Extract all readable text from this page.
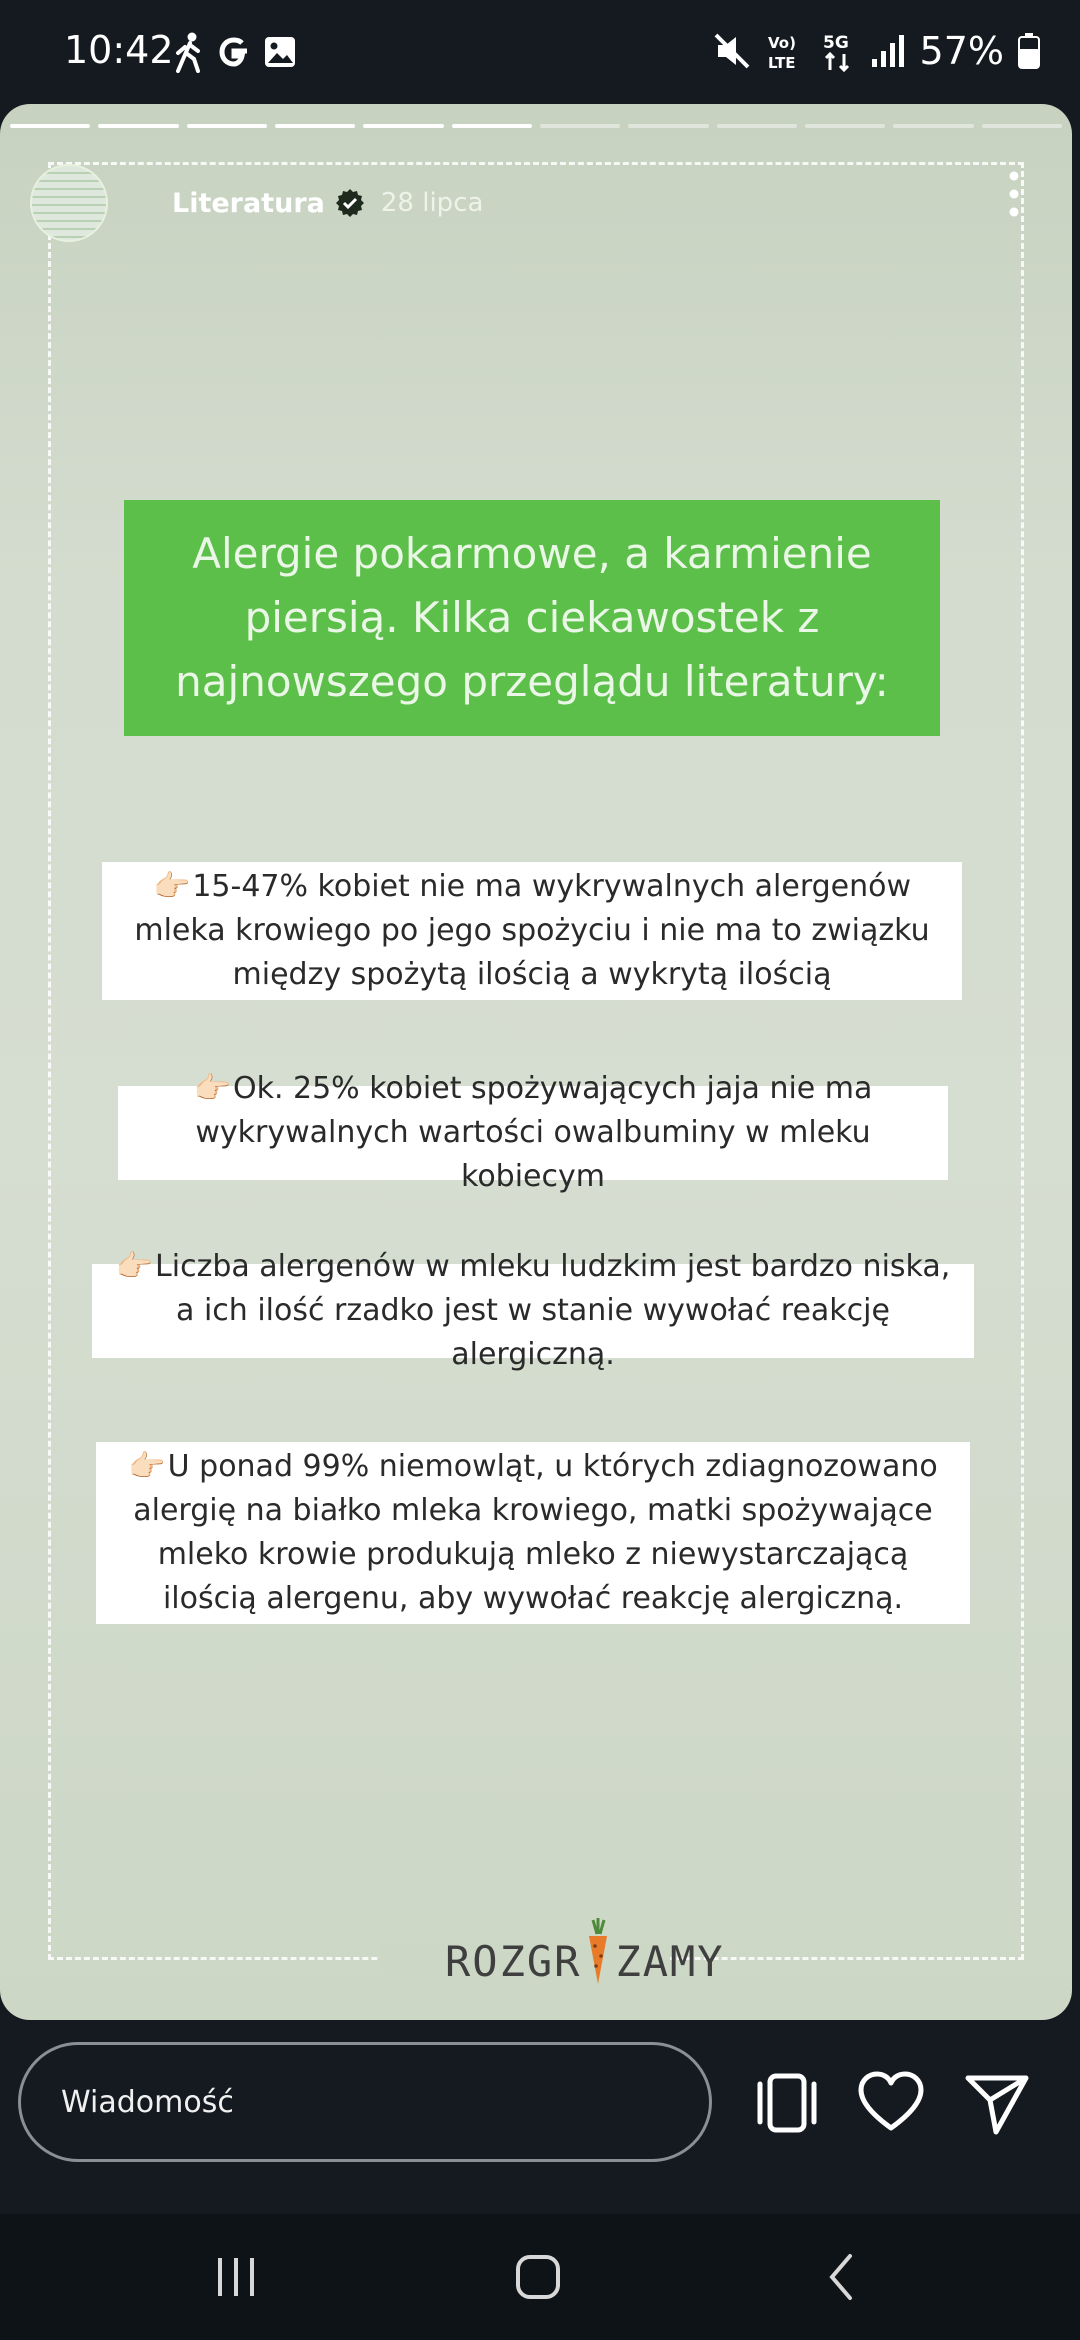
10:42	Vo)
LTE
5G 57%
Literatura 28 lipca
Alergie pokarmowe, a karmienie piersią. Kilka ciekawostek z najnowszego przeglądu literatury:
👉🏻15-47% kobiet nie ma wykrywalnych alergenów mleka krowiego po jego spożyciu i nie ma to związku między spożytą ilością a wykrytą ilością
👉🏻Ok. 25% kobiet spożywających jaja nie ma wykrywalnych wartości owalbuminy w mleku kobiecym
👉🏻Liczba alergenów w mleku ludzkim jest bardzo niska, a ich ilość rzadko jest w stanie wywołać reakcję alergiczną.
👉🏻U ponad 99% niemowląt, u których zdiagnozowano alergię na białko mleka krowiego, matki spożywające mleko krowie produkują mleko z niewystarczającą ilością alergenu, aby wywołać reakcję alergiczną.
ROZGR ZAMY
Wiadomość
